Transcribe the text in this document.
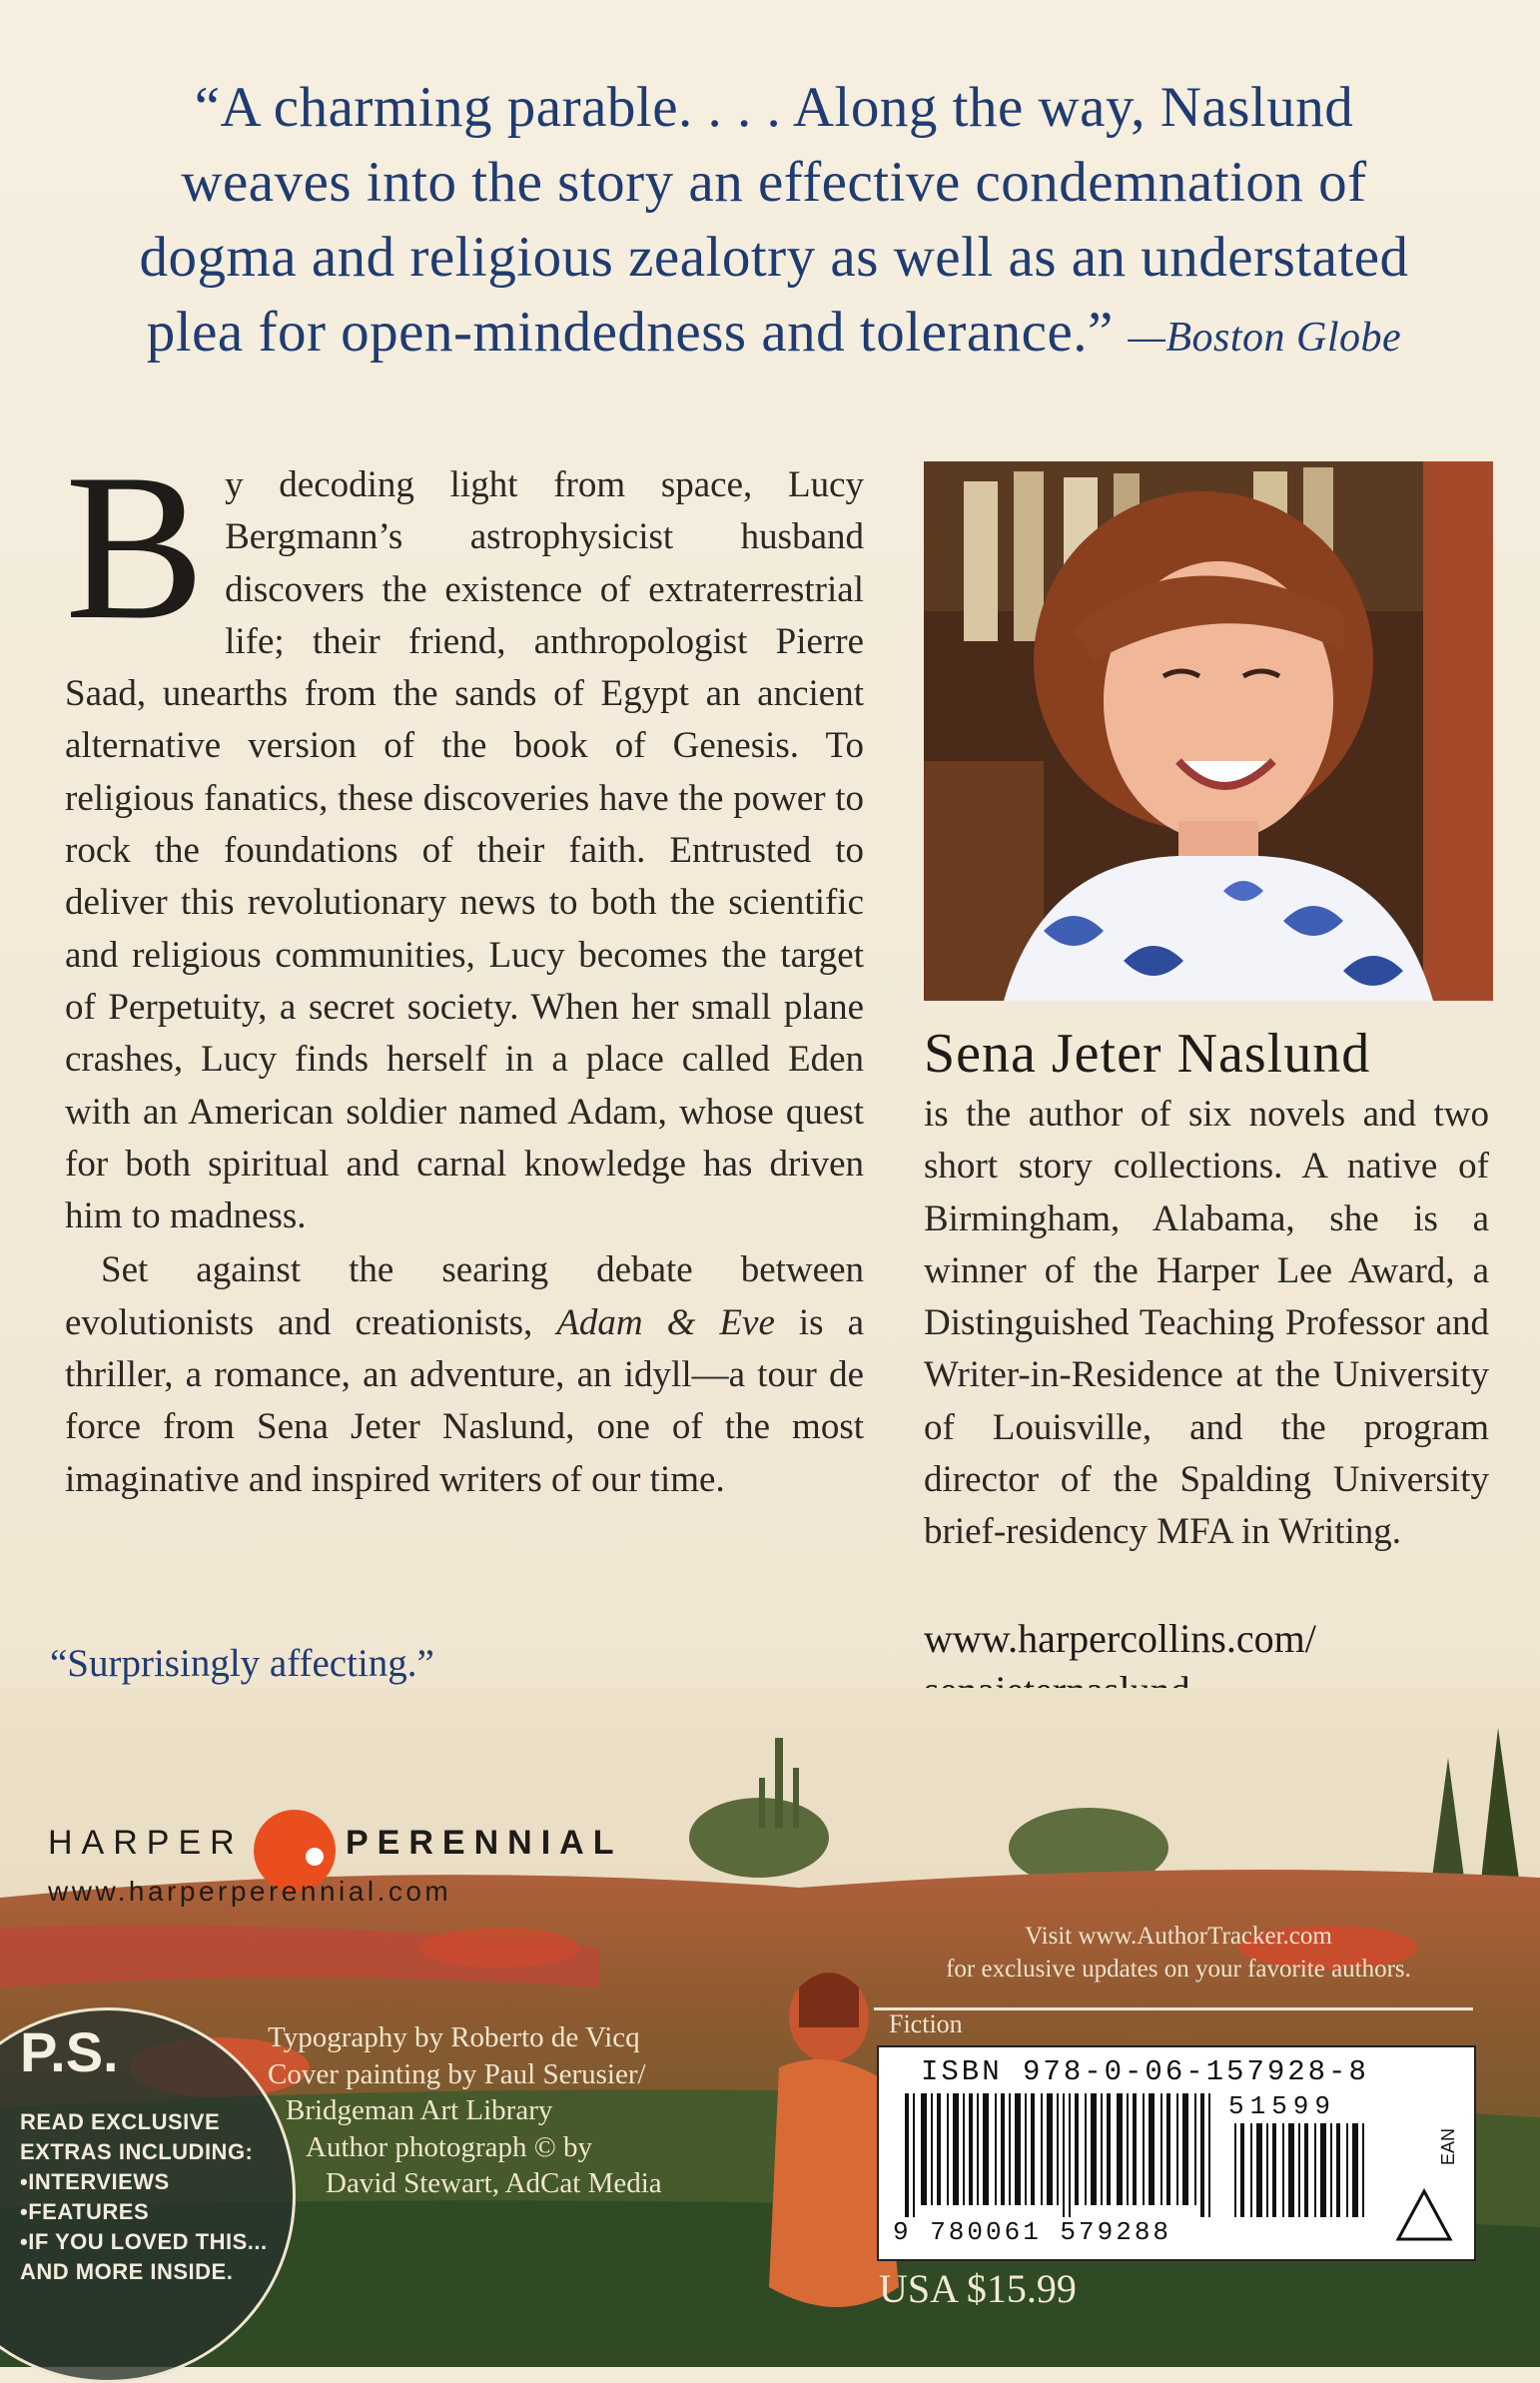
“A charming parable. . . . Along the way, Naslund
weaves into the story an effective condemnation of
dogma and religious zealotry as well as an understated
plea for open-mindedness and tolerance.” —Boston Globe
B y decoding light from space, Lucy Bergmann’s astrophysicist husband discovers the existence of extraterrestrial life; their friend, anthropologist Pierre Saad, unearths from the sands of Egypt an ancient alternative version of the book of Genesis. To religious fanatics, these discoveries have the power to rock the foundations of their faith. Entrusted to deliver this revolutionary news to both the scientific and religious communities, Lucy becomes the target of Perpetuity, a secret society. When her small plane crashes, Lucy finds herself in a place called Eden with an American soldier named Adam, whose quest for both spiritual and carnal knowledge has driven him to madness.

Set against the searing debate between evolutionists and creationists, Adam & Eve is a thriller, a romance, an adventure, an idyll—a tour de force from Sena Jeter Naslund, one of the most imaginative and inspired writers of our time.

“Surprisingly affecting.”
Sena Jeter Naslund
is the author of six novels and two short story collections. A native of Birmingham, Alabama, she is a winner of the Harper Lee Award, a Distinguished Teaching Professor and Writer-in-Residence at the University of Louisville, and the program director of the Spalding University brief-residency MFA in Writing.
www.harpercollins.com/
HARPER	PERENNIAL
www.harperperennial.com
Visit www.AuthorTracker.com
for exclusive updates on your favorite authors.
Fiction
ISBN 978-0-06-157928-8
51599
9 780061 579288
EAN
USA $15.99
P.S.
READ EXCLUSIVE
EXTRAS INCLUDING:
•INTERVIEWS
•FEATURES
•IF YOU LOVED THIS...
AND MORE INSIDE.
Typography by Roberto de Vicq
Cover painting by Paul Serusier/
Bridgeman Art Library
Author photograph © by
David Stewart, AdCat Media
